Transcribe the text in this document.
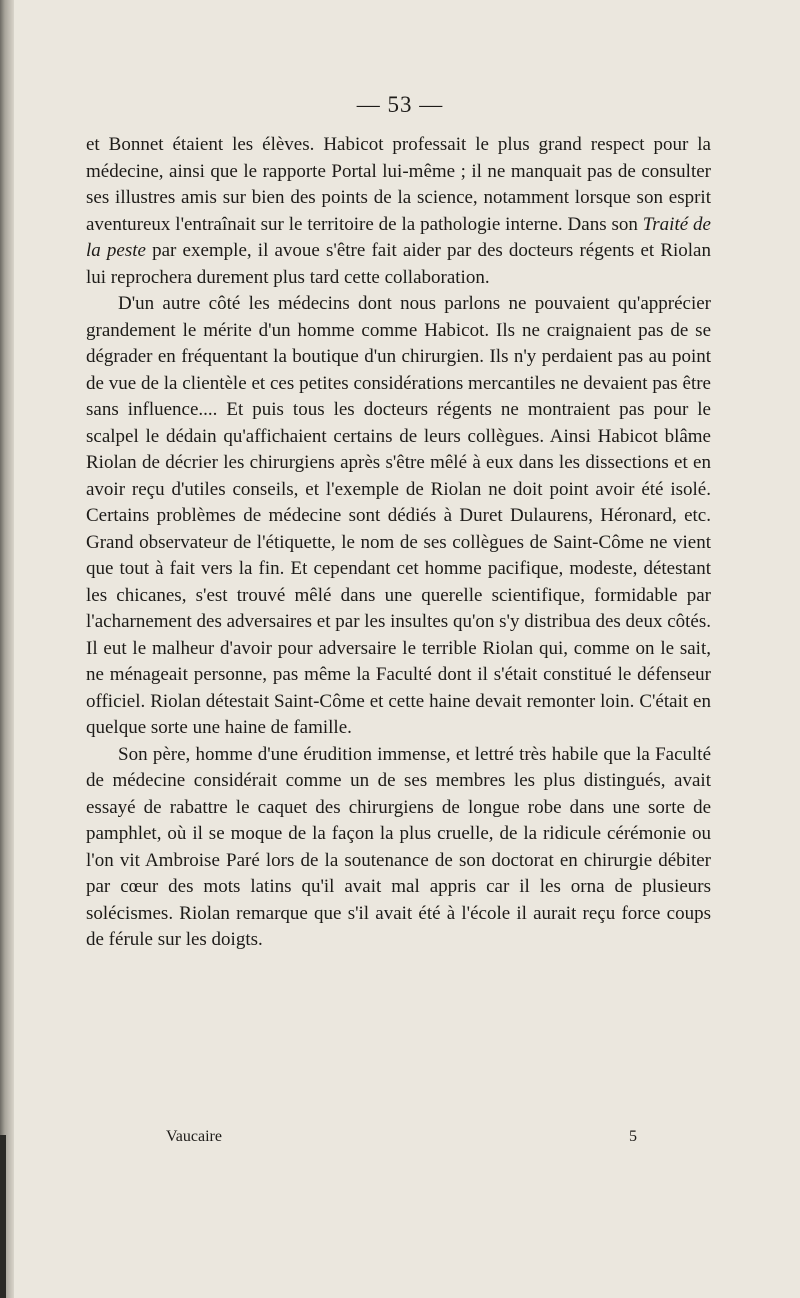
— 53 —

et Bonnet étaient les élèves. Habicot professait le plus grand respect pour la médecine, ainsi que le rapporte Portal lui-même ; il ne manquait pas de consulter ses illustres amis sur bien des points de la science, notamment lorsque son esprit aventureux l'entraînait sur le territoire de la pathologie interne. Dans son Traité de la peste par exemple, il avoue s'être fait aider par des docteurs régents et Riolan lui reprochera durement plus tard cette collaboration.

D'un autre côté les médecins dont nous parlons ne pouvaient qu'apprécier grandement le mérite d'un homme comme Habicot. Ils ne craignaient pas de se dégrader en fréquentant la boutique d'un chirurgien. Ils n'y perdaient pas au point de vue de la clientèle et ces petites considérations mercantiles ne devaient pas être sans influence.... Et puis tous les docteurs régents ne montraient pas pour le scalpel le dédain qu'affichaient certains de leurs collègues. Ainsi Habicot blâme Riolan de décrier les chirurgiens après s'être mêlé à eux dans les dissections et en avoir reçu d'utiles conseils, et l'exemple de Riolan ne doit point avoir été isolé. Certains problèmes de médecine sont dédiés à Duret Dulaurens, Héronard, etc. Grand observateur de l'étiquette, le nom de ses collègues de Saint-Côme ne vient que tout à fait vers la fin. Et cependant cet homme pacifique, modeste, détestant les chicanes, s'est trouvé mêlé dans une querelle scientifique, formidable par l'acharnement des adversaires et par les insultes qu'on s'y distribua des deux côtés. Il eut le malheur d'avoir pour adversaire le terrible Riolan qui, comme on le sait, ne ménageait personne, pas même la Faculté dont il s'était constitué le défenseur officiel. Riolan détestait Saint-Côme et cette haine devait remonter loin. C'était en quelque sorte une haine de famille.

Son père, homme d'une érudition immense, et lettré très habile que la Faculté de médecine considérait comme un de ses membres les plus distingués, avait essayé de rabattre le caquet des chirurgiens de longue robe dans une sorte de pamphlet, où il se moque de la façon la plus cruelle, de la ridicule cérémonie ou l'on vit Ambroise Paré lors de la soutenance de son doctorat en chirurgie débiter par cœur des mots latins qu'il avait mal appris car il les orna de plusieurs solécismes. Riolan remarque que s'il avait été à l'école il aurait reçu force coups de férule sur les doigts.

Vaucaire	5
